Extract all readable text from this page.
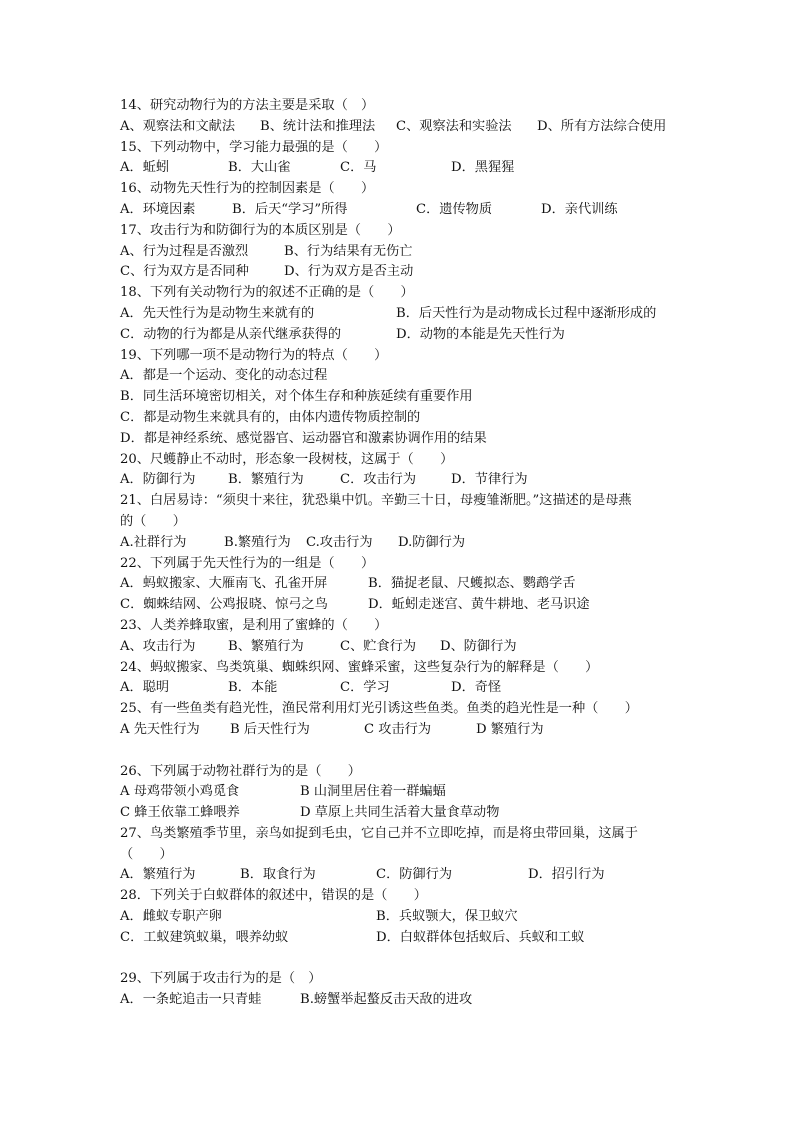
14、研究动物行为的方法主要是采取（　）
A、观察法和文献法 B、统计法和推理法 C、观察法和实验法 D、所有方法综合使用
15、下列动物中，学习能力最强的是（　　）
A．蚯蚓	B．大山雀	C．马	D．黑猩猩
16、动物先天性行为的控制因素是（　　）
A．环境因素	B．后天“学习”所得	C．遗传物质	D．亲代训练
17、攻击行为和防御行为的本质区别是（　　）
A、行为过程是否激烈	B、行为结果有无伤亡
C、行为双方是否同种	D、行为双方是否主动
18、下列有关动物行为的叙述不正确的是（　　）
A．先天性行为是动物生来就有的	B．后天性行为是动物成长过程中逐渐形成的
C．动物的行为都是从亲代继承获得的	D．动物的本能是先天性行为
19、下列哪一项不是动物行为的特点（　　）
A．都是一个运动、变化的动态过程
B．同生活环境密切相关，对个体生存和种族延续有重要作用
C．都是动物生来就具有的，由体内遗传物质控制的
D．都是神经系统、感觉器官、运动器官和激素协调作用的结果
20、尺蠖静止不动时，形态象一段树枝，这属于（　　）
A．防御行为 B．繁殖行为	C．攻击行为	D．节律行为
21、白居易诗：“须臾十来往，犹恐巢中饥。辛勤三十日，母瘦雏渐肥。”这描述的是母燕
的（　　）
A.社群行为	B.繁殖行为 C.攻击行为 D.防御行为
22、下列属于先天性行为的一组是（　　）
A．蚂蚁搬家、大雁南飞、孔雀开屏	B．猫捉老鼠、尺蠖拟态、鹦鹉学舌
C．蜘蛛结网、公鸡报晓、惊弓之鸟	D．蚯蚓走迷宫、黄牛耕地、老马识途
23、人类养蜂取蜜，是利用了蜜蜂的（　　）
A、攻击行为 B、繁殖行为	C、贮食行为 D、防御行为
24、蚂蚁搬家、鸟类筑巢、蜘蛛织网、蜜蜂采蜜，这些复杂行为的解释是（　　）
A．聪明	B．本能	C．学习	D．奇怪
25、有一些鱼类有趋光性，渔民常利用灯光引诱这些鱼类。鱼类的趋光性是一种（　　）
A 先天性行为 B 后天性行为	C 攻击行为	D 繁殖行为
26、下列属于动物社群行为的是（　　）
A 母鸡带领小鸡觅食	B 山洞里居住着一群蝙蝠
C 蜂王依靠工蜂喂养	D 草原上共同生活着大量食草动物
27、鸟类繁殖季节里，亲鸟如捉到毛虫，它自己并不立即吃掉，而是将虫带回巢，这属于
（　　）
A．繁殖行为	B．取食行为	C．防御行为	D．招引行为
28．下列关于白蚁群体的叙述中，错误的是（　　）
A．雌蚁专职产卵	B．兵蚁颚大，保卫蚁穴
C．工蚁建筑蚁巢，喂养幼蚁	D．白蚁群体包括蚁后、兵蚁和工蚁
29、下列属于攻击行为的是（　）
A．一条蛇追击一只青蛙	B.螃蟹举起螯反击天敌的进攻
